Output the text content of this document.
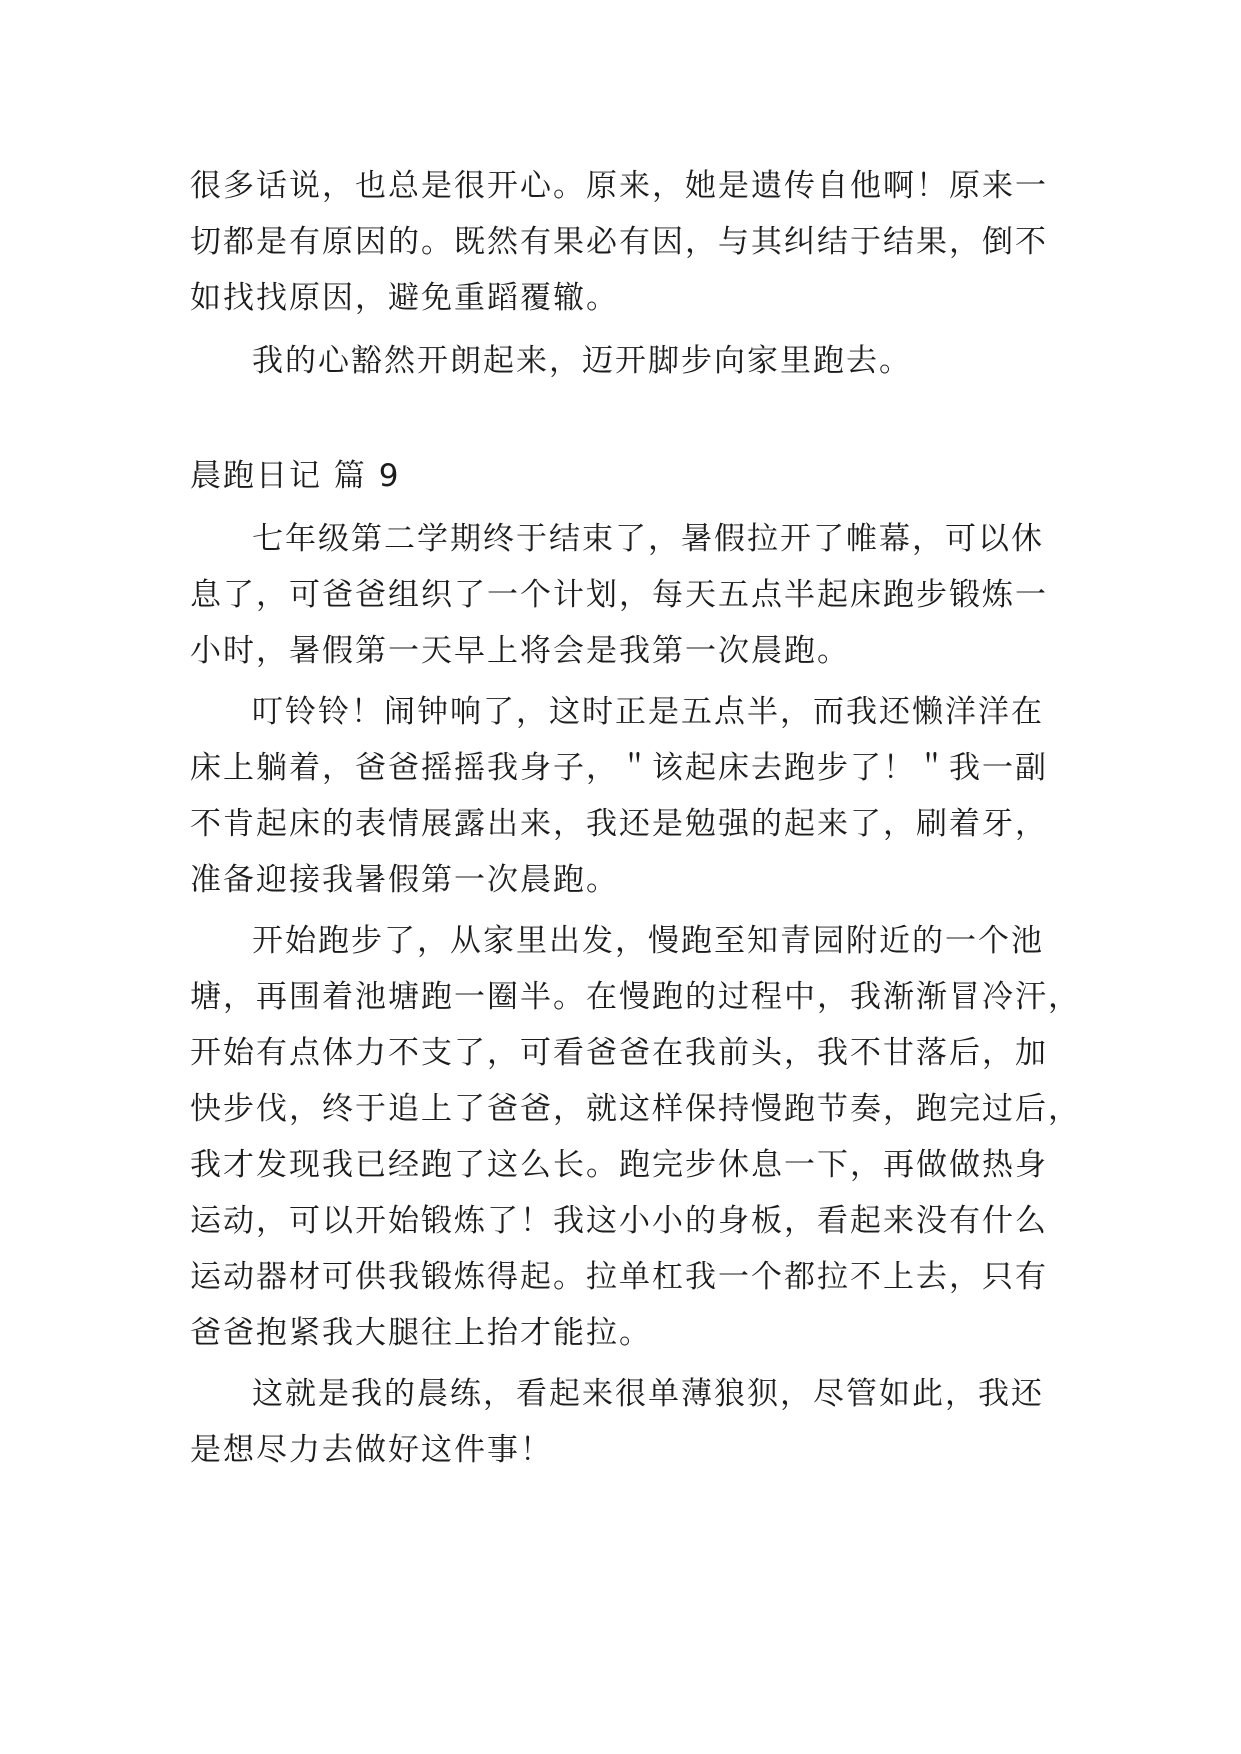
很多话说，也总是很开心。原来，她是遗传自他啊！原来一
切都是有原因的。既然有果必有因，与其纠结于结果，倒不
如找找原因，避免重蹈覆辙。
我的心豁然开朗起来，迈开脚步向家里跑去。
晨跑日记 篇 9
七年级第二学期终于结束了，暑假拉开了帷幕，可以休
息了，可爸爸组织了一个计划，每天五点半起床跑步锻炼一
小时，暑假第一天早上将会是我第一次晨跑。
叮铃铃！闹钟响了，这时正是五点半，而我还懒洋洋在
床上躺着，爸爸摇摇我身子，＂该起床去跑步了！＂我一副
不肯起床的表情展露出来，我还是勉强的起来了，刷着牙，
准备迎接我暑假第一次晨跑。
开始跑步了，从家里出发，慢跑至知青园附近的一个池
塘，再围着池塘跑一圈半。在慢跑的过程中，我渐渐冒冷汗，
开始有点体力不支了，可看爸爸在我前头，我不甘落后，加
快步伐，终于追上了爸爸，就这样保持慢跑节奏，跑完过后，
我才发现我已经跑了这么长。跑完步休息一下，再做做热身
运动，可以开始锻炼了！我这小小的身板，看起来没有什么
运动器材可供我锻炼得起。拉单杠我一个都拉不上去，只有
爸爸抱紧我大腿往上抬才能拉。
这就是我的晨练，看起来很单薄狼狈，尽管如此，我还
是想尽力去做好这件事！
